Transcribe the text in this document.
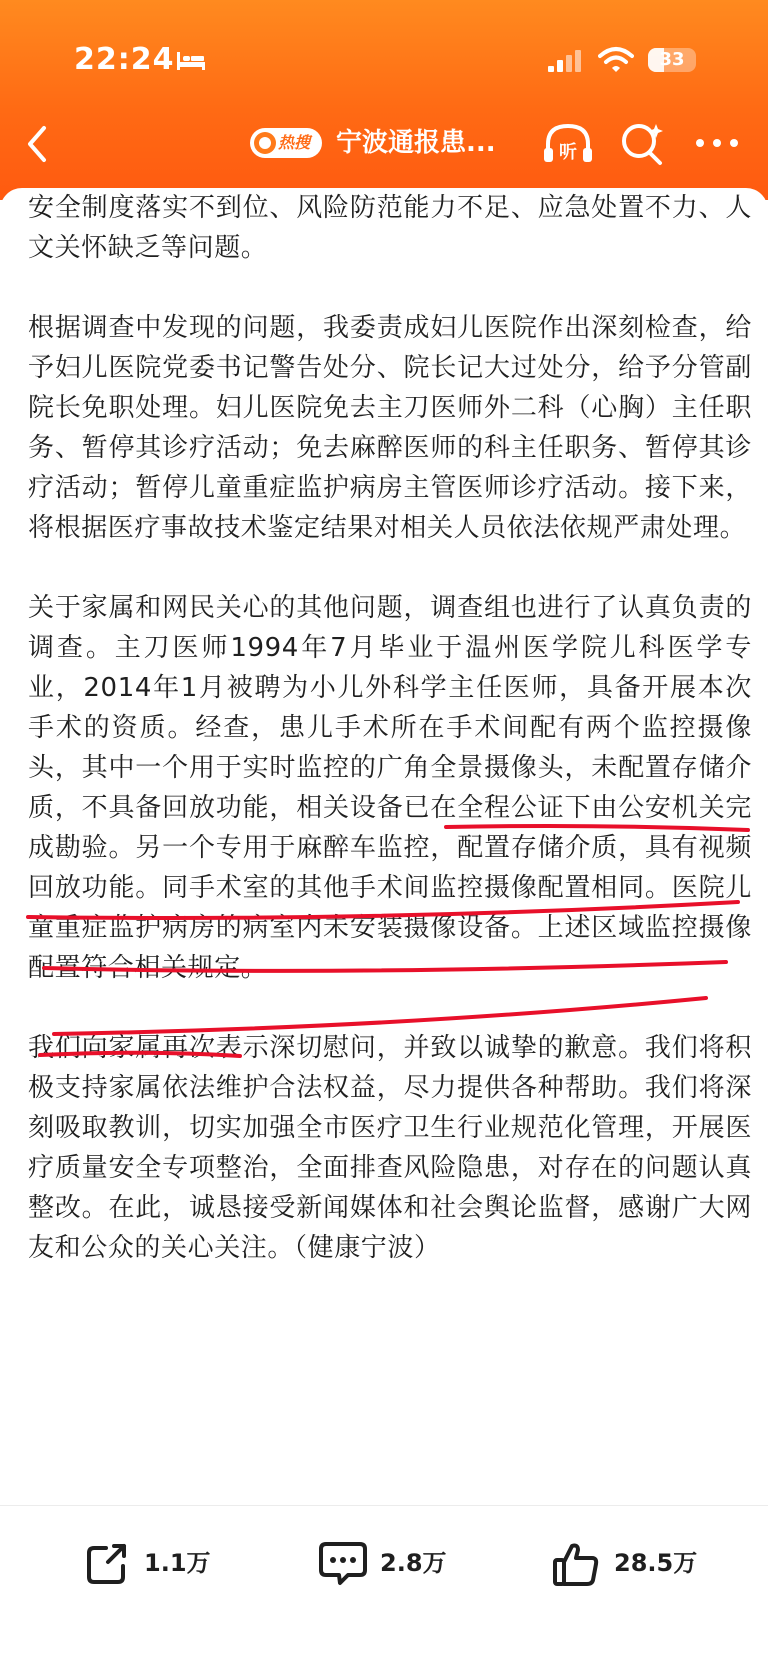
22:24	33
热搜 宁波通报患...	听

安全制度落实不到位、风险防范能力不足、应急处置不力、人文关怀缺乏等问题。

根据调查中发现的问题，我委责成妇儿医院作出深刻检查，给予妇儿医院党委书记警告处分、院长记大过处分，给予分管副院长免职处理。妇儿医院免去主刀医师外二科（心胸）主任职务、暂停其诊疗活动；免去麻醉医师的科主任职务、暂停其诊疗活动；暂停儿童重症监护病房主管医师诊疗活动。接下来，将根据医疗事故技术鉴定结果对相关人员依法依规严肃处理。

关于家属和网民关心的其他问题，调查组也进行了认真负责的调查。主刀医师1994年7月毕业于温州医学院儿科医学专业，2014年1月被聘为小儿外科学主任医师，具备开展本次手术的资质。经查，患儿手术所在手术间配有两个监控摄像头，其中一个用于实时监控的广角全景摄像头，未配置存储介质，不具备回放功能，相关设备已在全程公证下由公安机关完成勘验。另一个专用于麻醉车监控，配置存储介质，具有视频回放功能。同手术室的其他手术间监控摄像配置相同。医院儿童重症监护病房的病室内未安装摄像设备。上述区域监控摄像配置符合相关规定。

我们向家属再次表示深切慰问，并致以诚挚的歉意。我们将积极支持家属依法维护合法权益，尽力提供各种帮助。我们将深刻吸取教训，切实加强全市医疗卫生行业规范化管理，开展医疗质量安全专项整治，全面排查风险隐患，对存在的问题认真整改。在此，诚恳接受新闻媒体和社会舆论监督，感谢广大网友和公众的关心关注。（健康宁波）

1.1万	2.8万	28.5万
